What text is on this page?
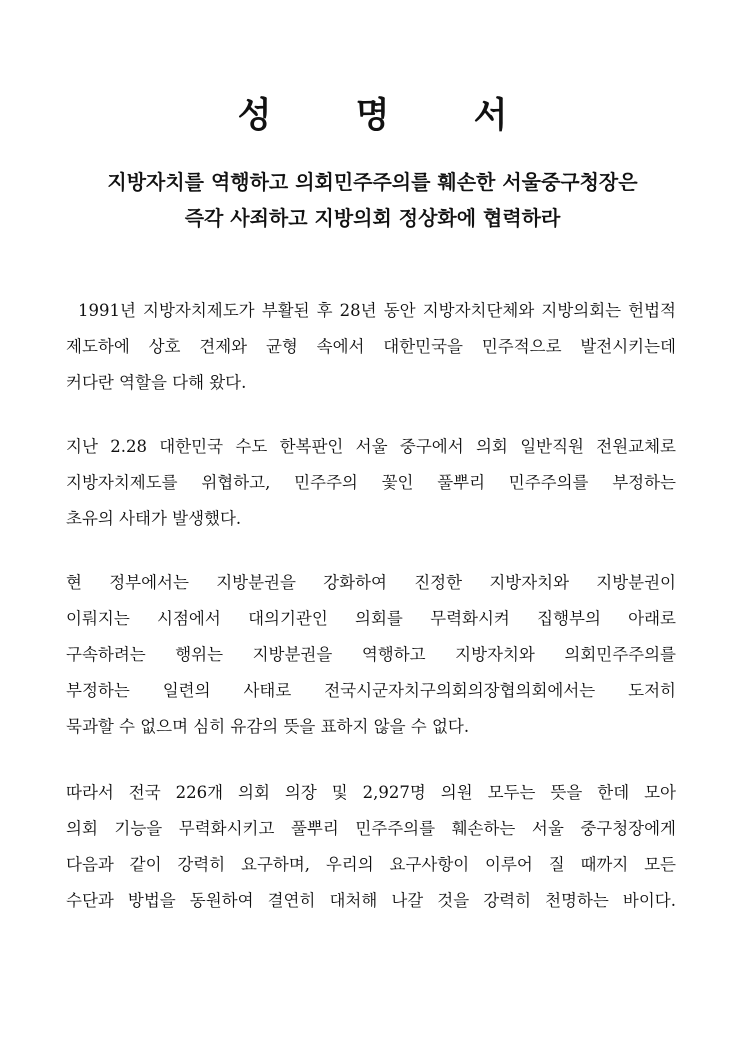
성 명 서
지방자치를 역행하고 의회민주주의를 훼손한 서울중구청장은
즉각 사죄하고 지방의회 정상화에 협력하라
1991년 지방자치제도가 부활된 후 28년 동안 지방자치단체와 지방의회는 헌법적
제도하에 상호 견제와 균형 속에서 대한민국을 민주적으로 발전시키는데
커다란 역할을 다해 왔다.
지난 2.28 대한민국 수도 한복판인 서울 중구에서 의회 일반직원 전원교체로
지방자치제도를 위협하고, 민주주의 꽃인 풀뿌리 민주주의를 부정하는
초유의 사태가 발생했다.
현 정부에서는 지방분권을 강화하여 진정한 지방자치와 지방분권이
이뤄지는 시점에서 대의기관인 의회를 무력화시켜 집행부의 아래로
구속하려는 행위는 지방분권을 역행하고 지방자치와 의회민주주의를
부정하는 일련의 사태로 전국시군자치구의회의장협의회에서는 도저히
묵과할 수 없으며 심히 유감의 뜻을 표하지 않을 수 없다.
따라서 전국 226개 의회 의장 및 2,927명 의원 모두는 뜻을 한데 모아
의회 기능을 무력화시키고 풀뿌리 민주주의를 훼손하는 서울 중구청장에게
다음과 같이 강력히 요구하며, 우리의 요구사항이 이루어 질 때까지 모든
수단과 방법을 동원하여 결연히 대처해 나갈 것을 강력히 천명하는 바이다.
